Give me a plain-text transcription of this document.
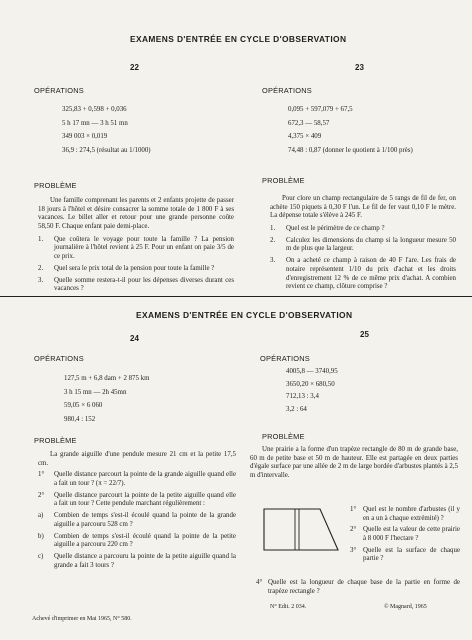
EXAMENS D'ENTRÉE EN CYCLE D'OBSERVATION
22	23
OPÉRATIONS
325,83 + 0,598 + 0,036
5 h 17 mn — 3 h 51 mn
349 003 × 0,019
36,9 : 274,5 (résultat au 1/1000)
PROBLÈME
Une famille comprenant les parents et 2 enfants projette de passer 18 jours à l'hôtel et désire consacrer la somme totale de 1 800 F à ses vacances. Le billet aller et retour pour une grande personne coûte 58,50 F. Chaque enfant paie demi-place.
1.	Que coûtera le voyage pour toute la famille ? La pension journalière à l'hôtel revient à 25 F. Pour un enfant on paie 3/5 de ce prix.
2.	Quel sera le prix total de la pension pour toute la famille ?
3.	Quelle somme restera-t-il pour les dépenses diverses durant ces vacances ?
OPÉRATIONS
0,095 + 597,079 + 67,5
672,3 — 58,57
4,375 × 409
74,48 : 0,87 (donner le quotient à 1/100 près)
PROBLÈME
Pour clore un champ rectangulaire de 5 rangs de fil de fer, on achète 150 piquets à 0,30 F l'un. Le fil de fer vaut 0,10 F le mètre. La dépense totale s'élève à 245 F.
1.	Quel est le périmètre de ce champ ?
2.	Calculez les dimensions du champ si la longueur mesure 50 m de plus que la largeur.
3.	On a acheté ce champ à raison de 40 F l'are. Les frais de notaire représentent 1/10 du prix d'achat et les droits d'enregistrement 12 % de ce même prix d'achat. A combien revient ce champ, clôture comprise ?
EXAMENS D'ENTRÉE EN CYCLE D'OBSERVATION
24	25
OPÉRATIONS
127,5 m + 6,8 dam + 2 875 km
3 h 15 mn — 2h 45mn
59,05 × 6 060
980,4 : 152
PROBLÈME
La grande aiguille d'une pendule mesure 21 cm et la petite 17,5 cm.
1°	Quelle distance parcourt la pointe de la grande aiguille quand elle a fait un tour ? (π = 22/7).
2°	Quelle distance parcourt la pointe de la petite aiguille quand elle a fait un tour ? Cette pendule marchant régulièrement :
a)	Combien de temps s'est-il écoulé quand la pointe de la grande aiguille a parcouru 528 cm ?
b)	Combien de temps s'est-il écoulé quand la pointe de la petite aiguille a parcouru 220 cm ?
c)	Quelle distance a parcouru la pointe de la petite aiguille quand la grande a fait 3 tours ?
OPÉRATIONS
4005,8 — 3740,95
3650,20 × 680,50
712,13 : 3,4
3,2 : 64
PROBLÈME
Une prairie a la forme d'un trapèze rectangle de 80 m de grande base, 60 m de petite base et 50 m de hauteur. Elle est partagée en deux parties d'égale surface par une allée de 2 m de large bordée d'arbustes plantés à 2,5 m d'intervalle.
1° Quel est le nombre d'arbustes (il y en a un à chaque extrémité) ?
2° Quelle est la valeur de cette prairie à 8 000 F l'hectare ?
3° Quelle est la surface de chaque partie ?
4° Quelle est la longueur de chaque base de la partie en forme de trapèze rectangle ?
Achevé d'imprimer en Mai 1965, N° 580.
N° Edit. 2 034.	© Magnard, 1965
